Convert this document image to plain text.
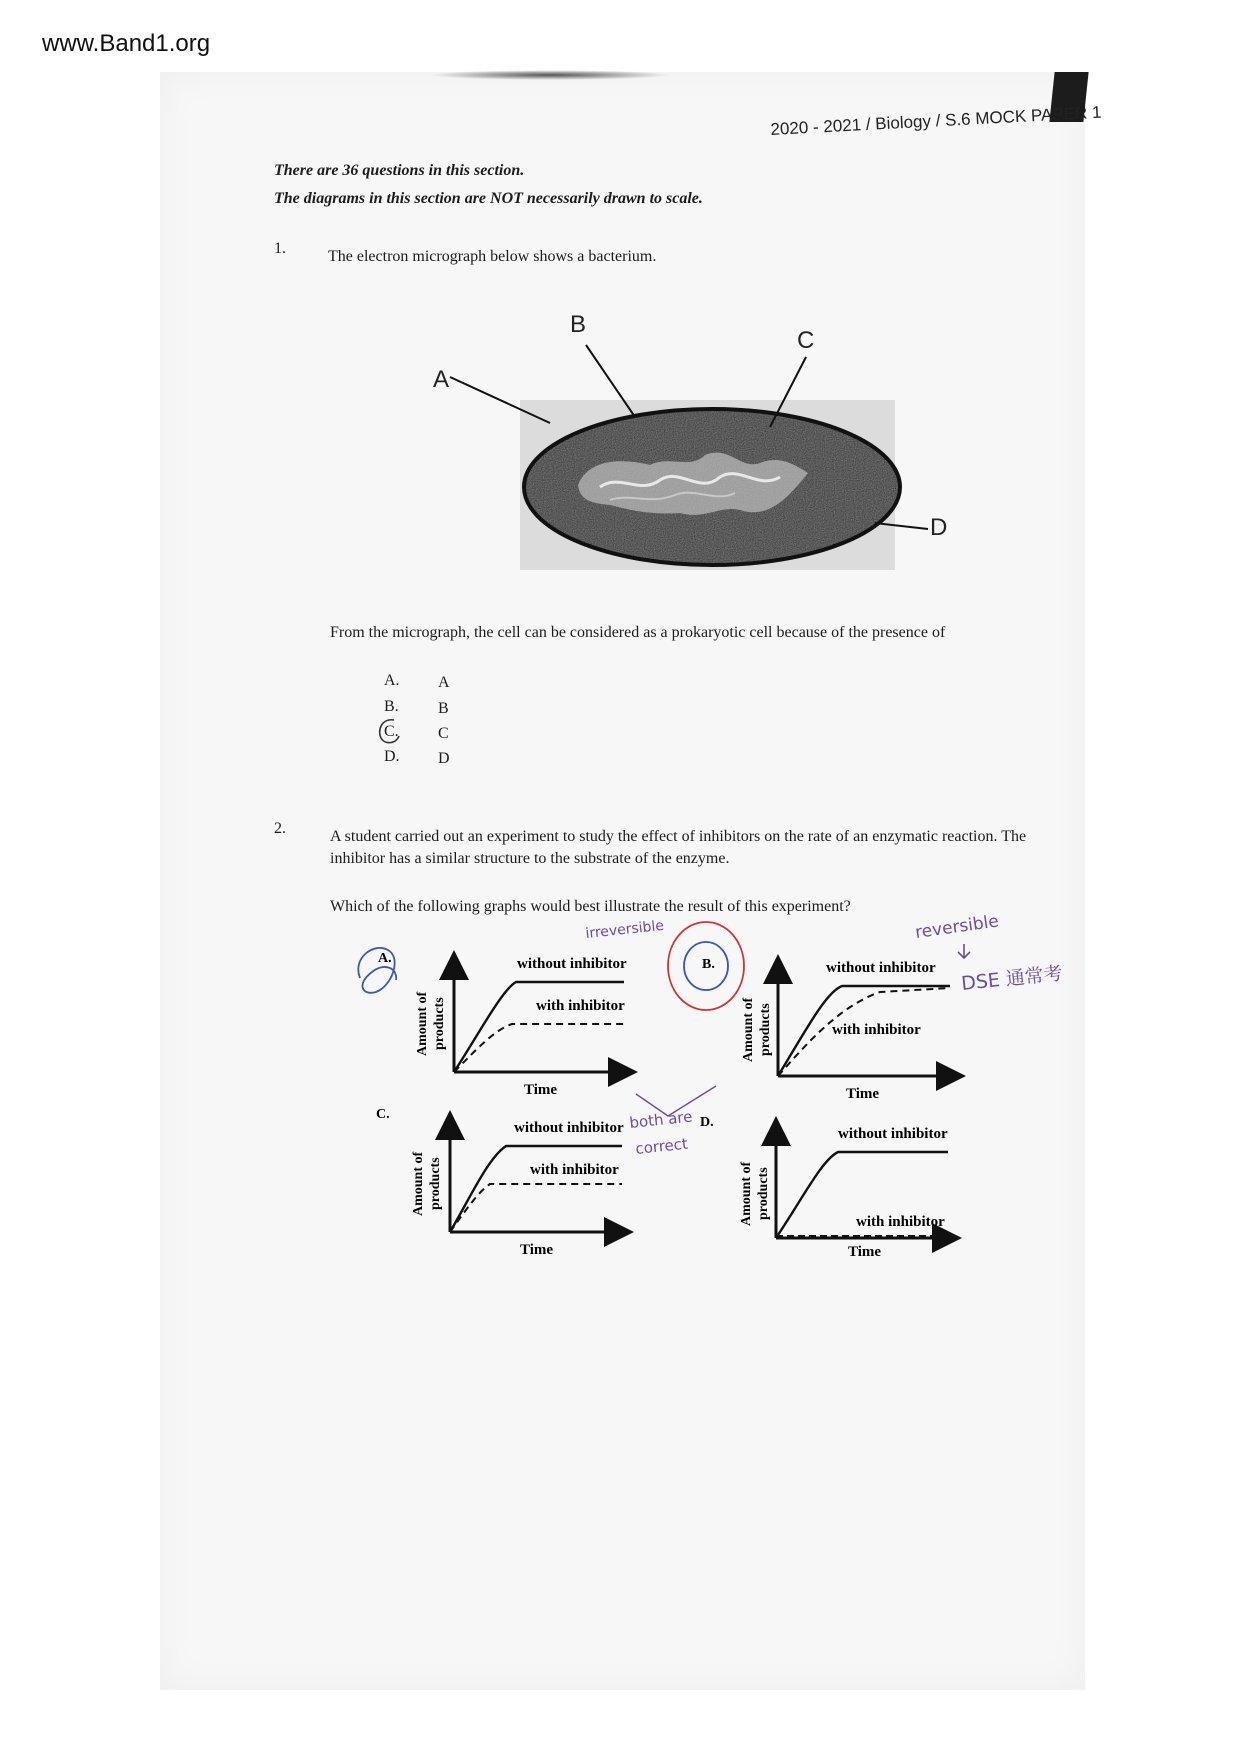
www.Band1.org
2020 - 2021 / Biology / S.6 MOCK PAPER 1
There are 36 questions in this section.
The diagrams in this section are NOT necessarily drawn to scale.
1.	The electron micrograph below shows a bacterium.
A
B
C
D
From the micrograph, the cell can be considered as a prokaryotic cell because of the presence of
A. A
B. B
C. C
D. D
2.	A student carried out an experiment to study the effect of inhibitors on the rate of an enzymatic reaction. The
inhibitor has a similar structure to the substrate of the enzyme.
Which of the following graphs would best illustrate the result of this experiment?
A.	without inhibitor
with inhibitor
Time
Amount of products
B.	without inhibitor
with inhibitor
Time
Amount of products
C.
without inhibitor
with inhibitor
Time
Amount of products
D.
without inhibitor
with inhibitor
Time
Amount of products
irreversible	reversible
DSE 通常考
both are
correct
